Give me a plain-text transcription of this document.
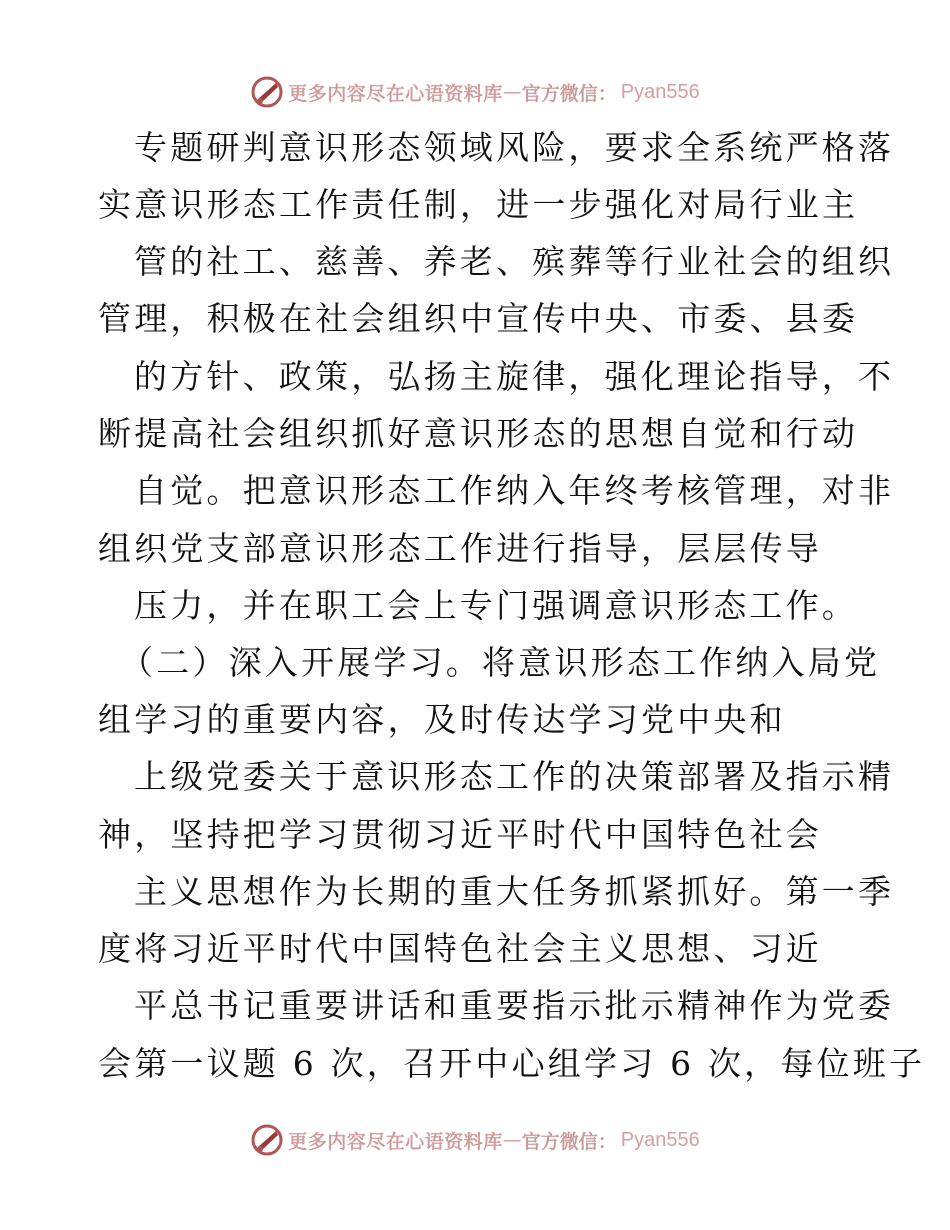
更多内容尽在心语资料库 — 官方微信： Pyan556
专题研判意识形态领域风险，要求全系统严格落
实意识形态工作责任制，进一步强化对局行业主
管的社工、慈善、养老、殡葬等行业社会的组织
管理，积极在社会组织中宣传中央、市委、县委
的方针、政策，弘扬主旋律，强化理论指导，不
断提高社会组织抓好意识形态的思想自觉和行动
自觉。把意识形态工作纳入年终考核管理，对非
组织党支部意识形态工作进行指导，层层传导
压力，并在职工会上专门强调意识形态工作。
（二）深入开展学习。将意识形态工作纳入局党
组学习的重要内容，及时传达学习党中央和
上级党委关于意识形态工作的决策部署及指示精
神，坚持把学习贯彻习近平时代中国特色社会
主义思想作为长期的重大任务抓紧抓好。第一季
度将习近平时代中国特色社会主义思想、习近
平总书记重要讲话和重要指示批示精神作为党委
会第一议题 6 次，召开中心组学习 6 次，每位班子
更多内容尽在心语资料库 — 官方微信： Pyan556
